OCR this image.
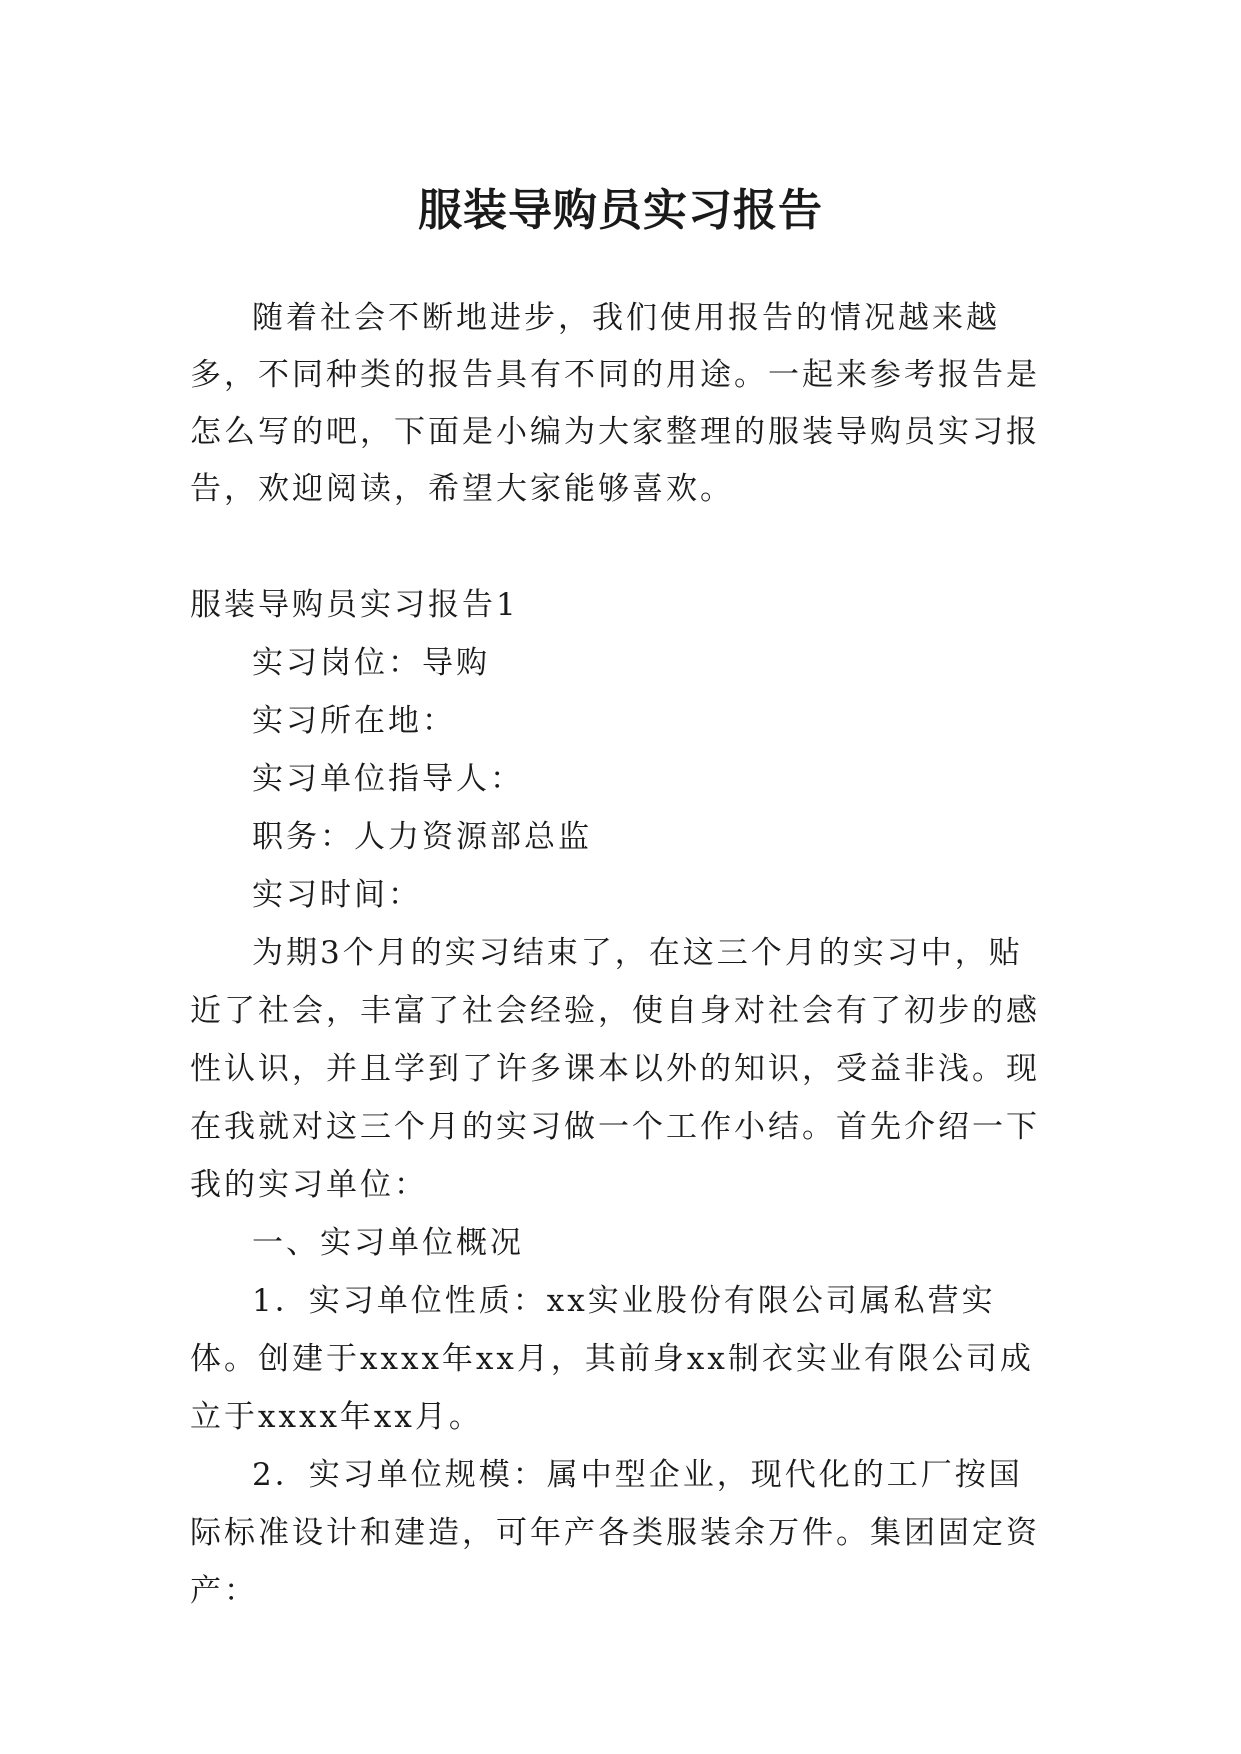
服装导购员实习报告

随着社会不断地进步，我们使用报告的情况越来越多，不同种类的报告具有不同的用途。一起来参考报告是怎么写的吧，下面是小编为大家整理的服装导购员实习报告，欢迎阅读，希望大家能够喜欢。

服装导购员实习报告1

实习岗位：导购

实习所在地：

实习单位指导人：

职务：人力资源部总监

实习时间：

为期3个月的实习结束了，在这三个月的实习中，贴近了社会，丰富了社会经验，使自身对社会有了初步的感性认识，并且学到了许多课本以外的知识，受益非浅。现在我就对这三个月的实习做一个工作小结。首先介绍一下我的实习单位：

一、实习单位概况

1．实习单位性质：xx实业股份有限公司属私营实体。创建于xxxx年xx月，其前身xx制衣实业有限公司成立于xxxx年xx月。

2．实习单位规模：属中型企业，现代化的工厂按国际标准设计和建造，可年产各类服装余万件。集团固定资产：
